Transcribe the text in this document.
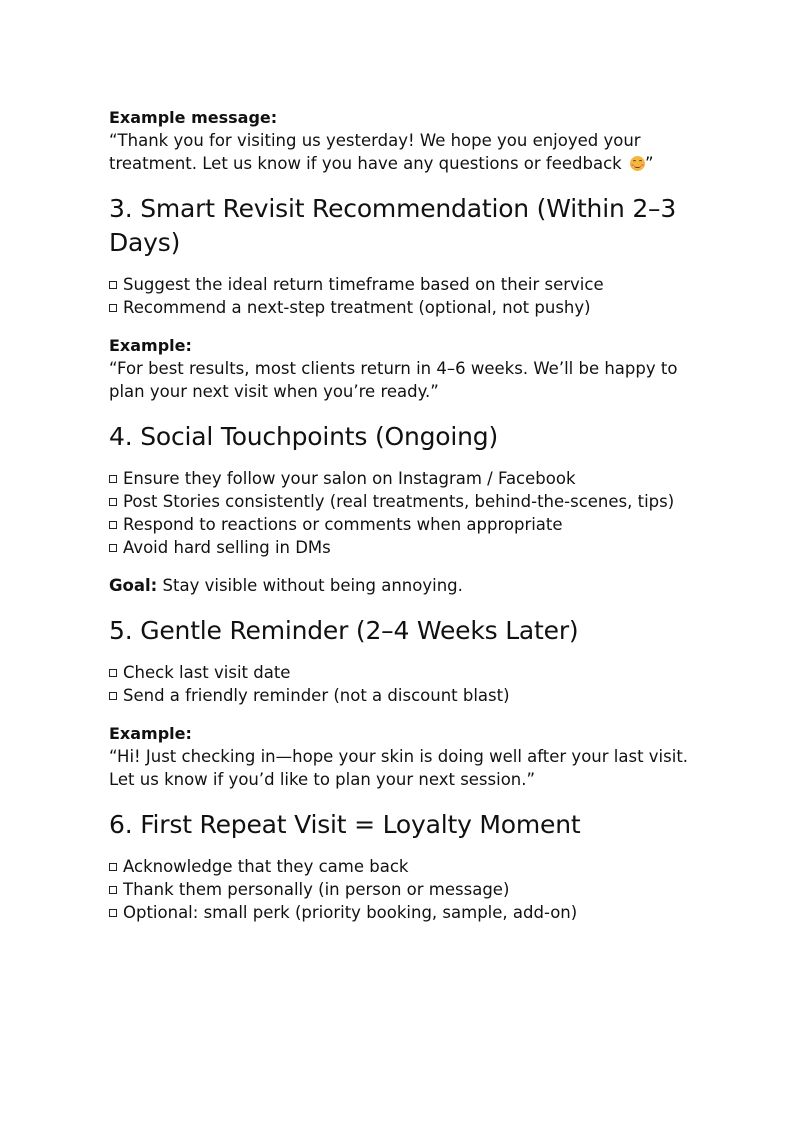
Example message:

“Thank you for visiting us yesterday! We hope you enjoyed your treatment. Let us know if you have any questions or feedback
”

3. Smart Revisit Recommendation (Within 2–3 Days)
Suggest the ideal return timeframe based on their service
Recommend a next-step treatment (optional, not pushy)

Example:

“For best results, most clients return in 4–6 weeks. We’ll be happy to plan your next visit when you’re ready.”

4. Social Touchpoints (Ongoing)
Ensure they follow your salon on Instagram / Facebook
Post Stories consistently (real treatments, behind-the-scenes, tips)
Respond to reactions or comments when appropriate
Avoid hard selling in DMs

Goal: Stay visible without being annoying.

5. Gentle Reminder (2–4 Weeks Later)
Check last visit date
Send a friendly reminder (not a discount blast)

Example:

“Hi! Just checking in—hope your skin is doing well after your last visit. Let us know if you’d like to plan your next session.”

6. First Repeat Visit = Loyalty Moment
Acknowledge that they came back
Thank them personally (in person or message)
Optional: small perk (priority booking, sample, add-on)
